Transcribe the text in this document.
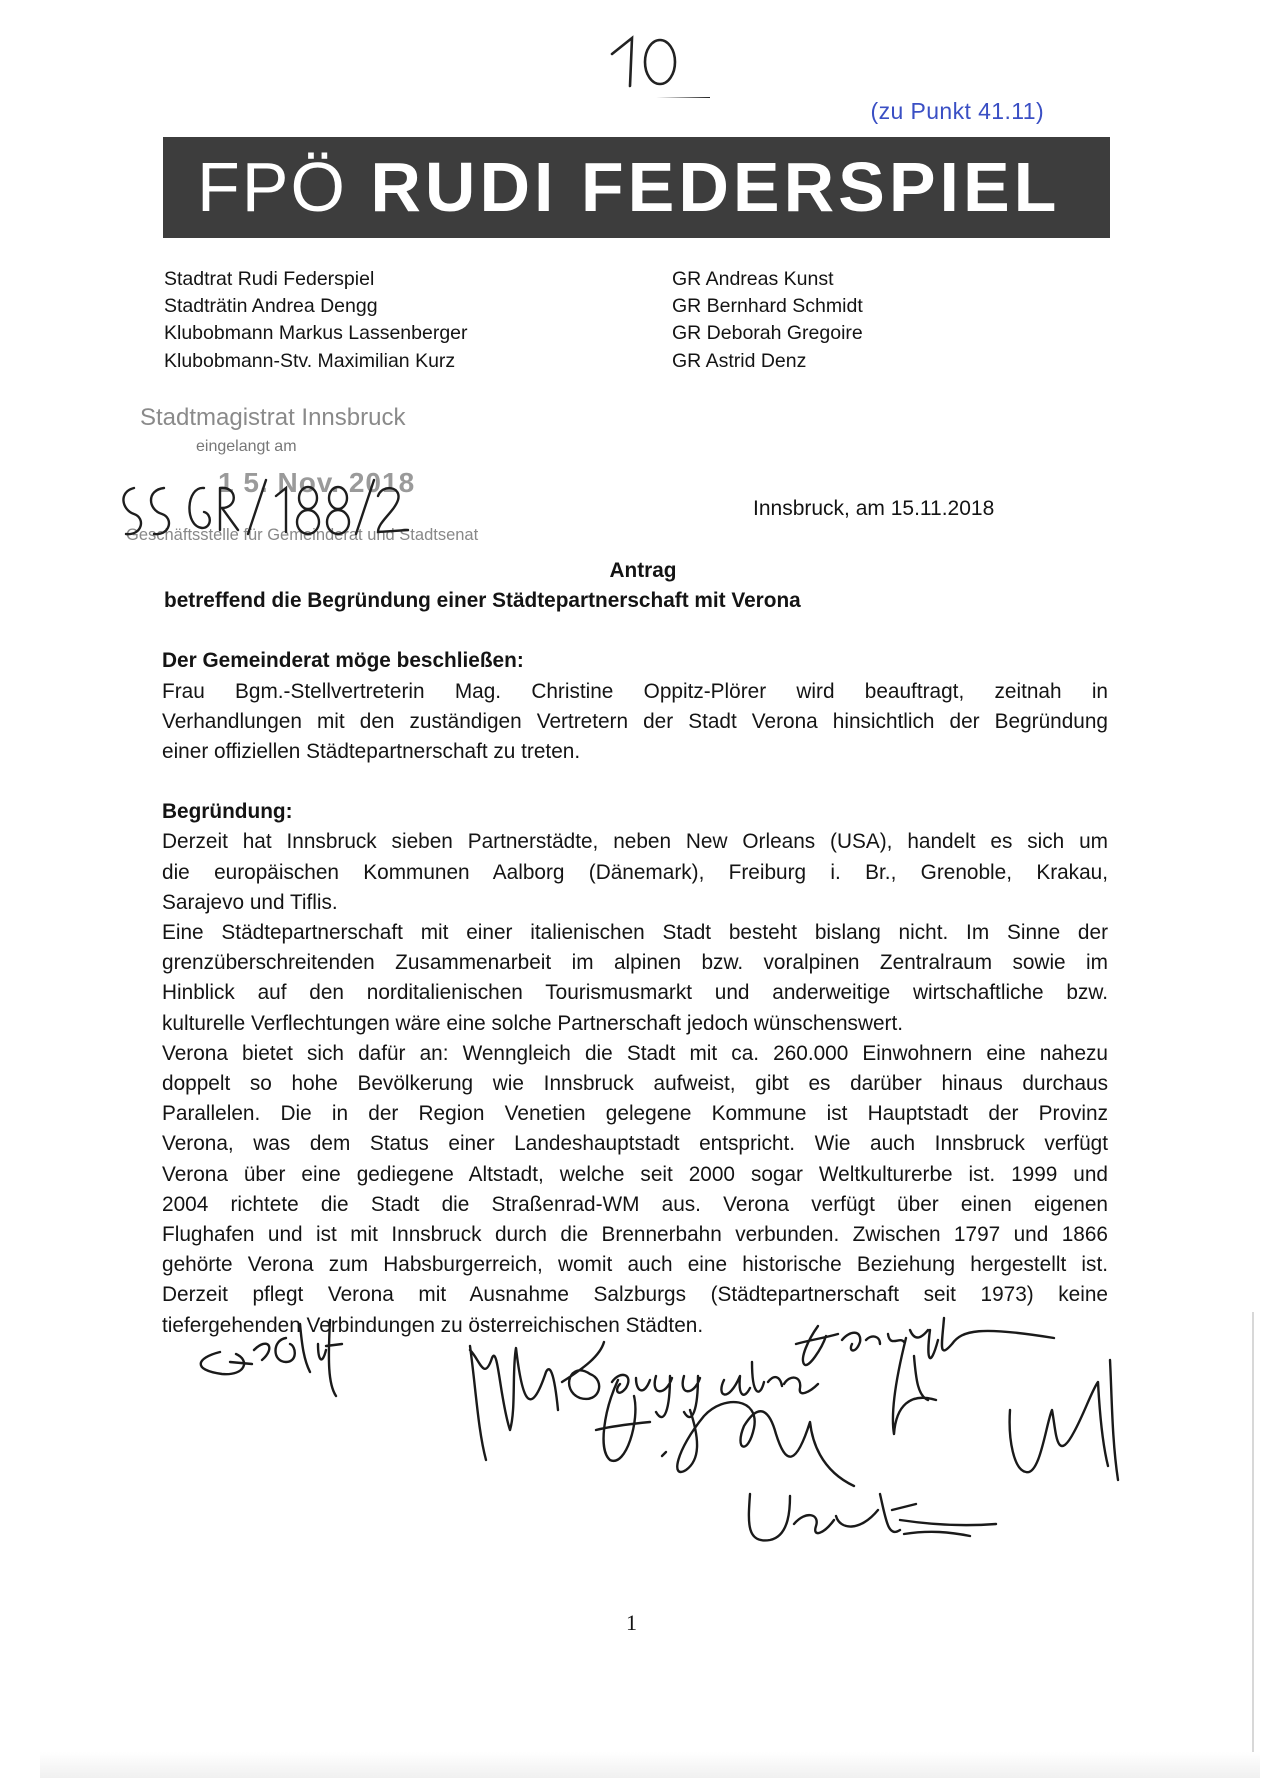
(zu Punkt 41.11)
FPÖ RUDI FEDERSPIEL
Stadtrat Rudi Federspiel
Stadträtin Andrea Dengg
Klubobmann Markus Lassenberger
Klubobmann-Stv. Maximilian Kurz
GR Andreas Kunst
GR Bernhard Schmidt
GR Deborah Gregoire
GR Astrid Denz
Stadtmagistrat Innsbruck
eingelangt am
1 5. Nov. 2018
Geschäftsstelle für Gemeinderat und Stadtsenat
Innsbruck, am 15.11.2018
Antrag
betreffend die Begründung einer Städtepartnerschaft mit Verona
Der Gemeinderat möge beschließen:

Frau Bgm.-Stellvertreterin Mag. Christine Oppitz-Plörer wird beauftragt, zeitnah in
Verhandlungen mit den zuständigen Vertretern der Stadt Verona hinsichtlich der Begründung
einer offiziellen Städtepartnerschaft zu treten.

Begründung:

Derzeit hat Innsbruck sieben Partnerstädte, neben New Orleans (USA), handelt es sich um
die europäischen Kommunen Aalborg (Dänemark), Freiburg i. Br., Grenoble, Krakau,
Sarajevo und Tiflis.

Eine Städtepartnerschaft mit einer italienischen Stadt besteht bislang nicht. Im Sinne der
grenzüberschreitenden Zusammenarbeit im alpinen bzw. voralpinen Zentralraum sowie im
Hinblick auf den norditalienischen Tourismusmarkt und anderweitige wirtschaftliche bzw.
kulturelle Verflechtungen wäre eine solche Partnerschaft jedoch wünschenswert.

Verona bietet sich dafür an: Wenngleich die Stadt mit ca. 260.000 Einwohnern eine nahezu
doppelt so hohe Bevölkerung wie Innsbruck aufweist, gibt es darüber hinaus durchaus
Parallelen. Die in der Region Venetien gelegene Kommune ist Hauptstadt der Provinz
Verona, was dem Status einer Landeshauptstadt entspricht. Wie auch Innsbruck verfügt
Verona über eine gediegene Altstadt, welche seit 2000 sogar Weltkulturerbe ist. 1999 und
2004 richtete die Stadt die Straßenrad-WM aus. Verona verfügt über einen eigenen
Flughafen und ist mit Innsbruck durch die Brennerbahn verbunden. Zwischen 1797 und 1866
gehörte Verona zum Habsburgerreich, womit auch eine historische Beziehung hergestellt ist.
Derzeit pflegt Verona mit Ausnahme Salzburgs (Städtepartnerschaft seit 1973) keine
tiefergehenden Verbindungen zu österreichischen Städten.

1
